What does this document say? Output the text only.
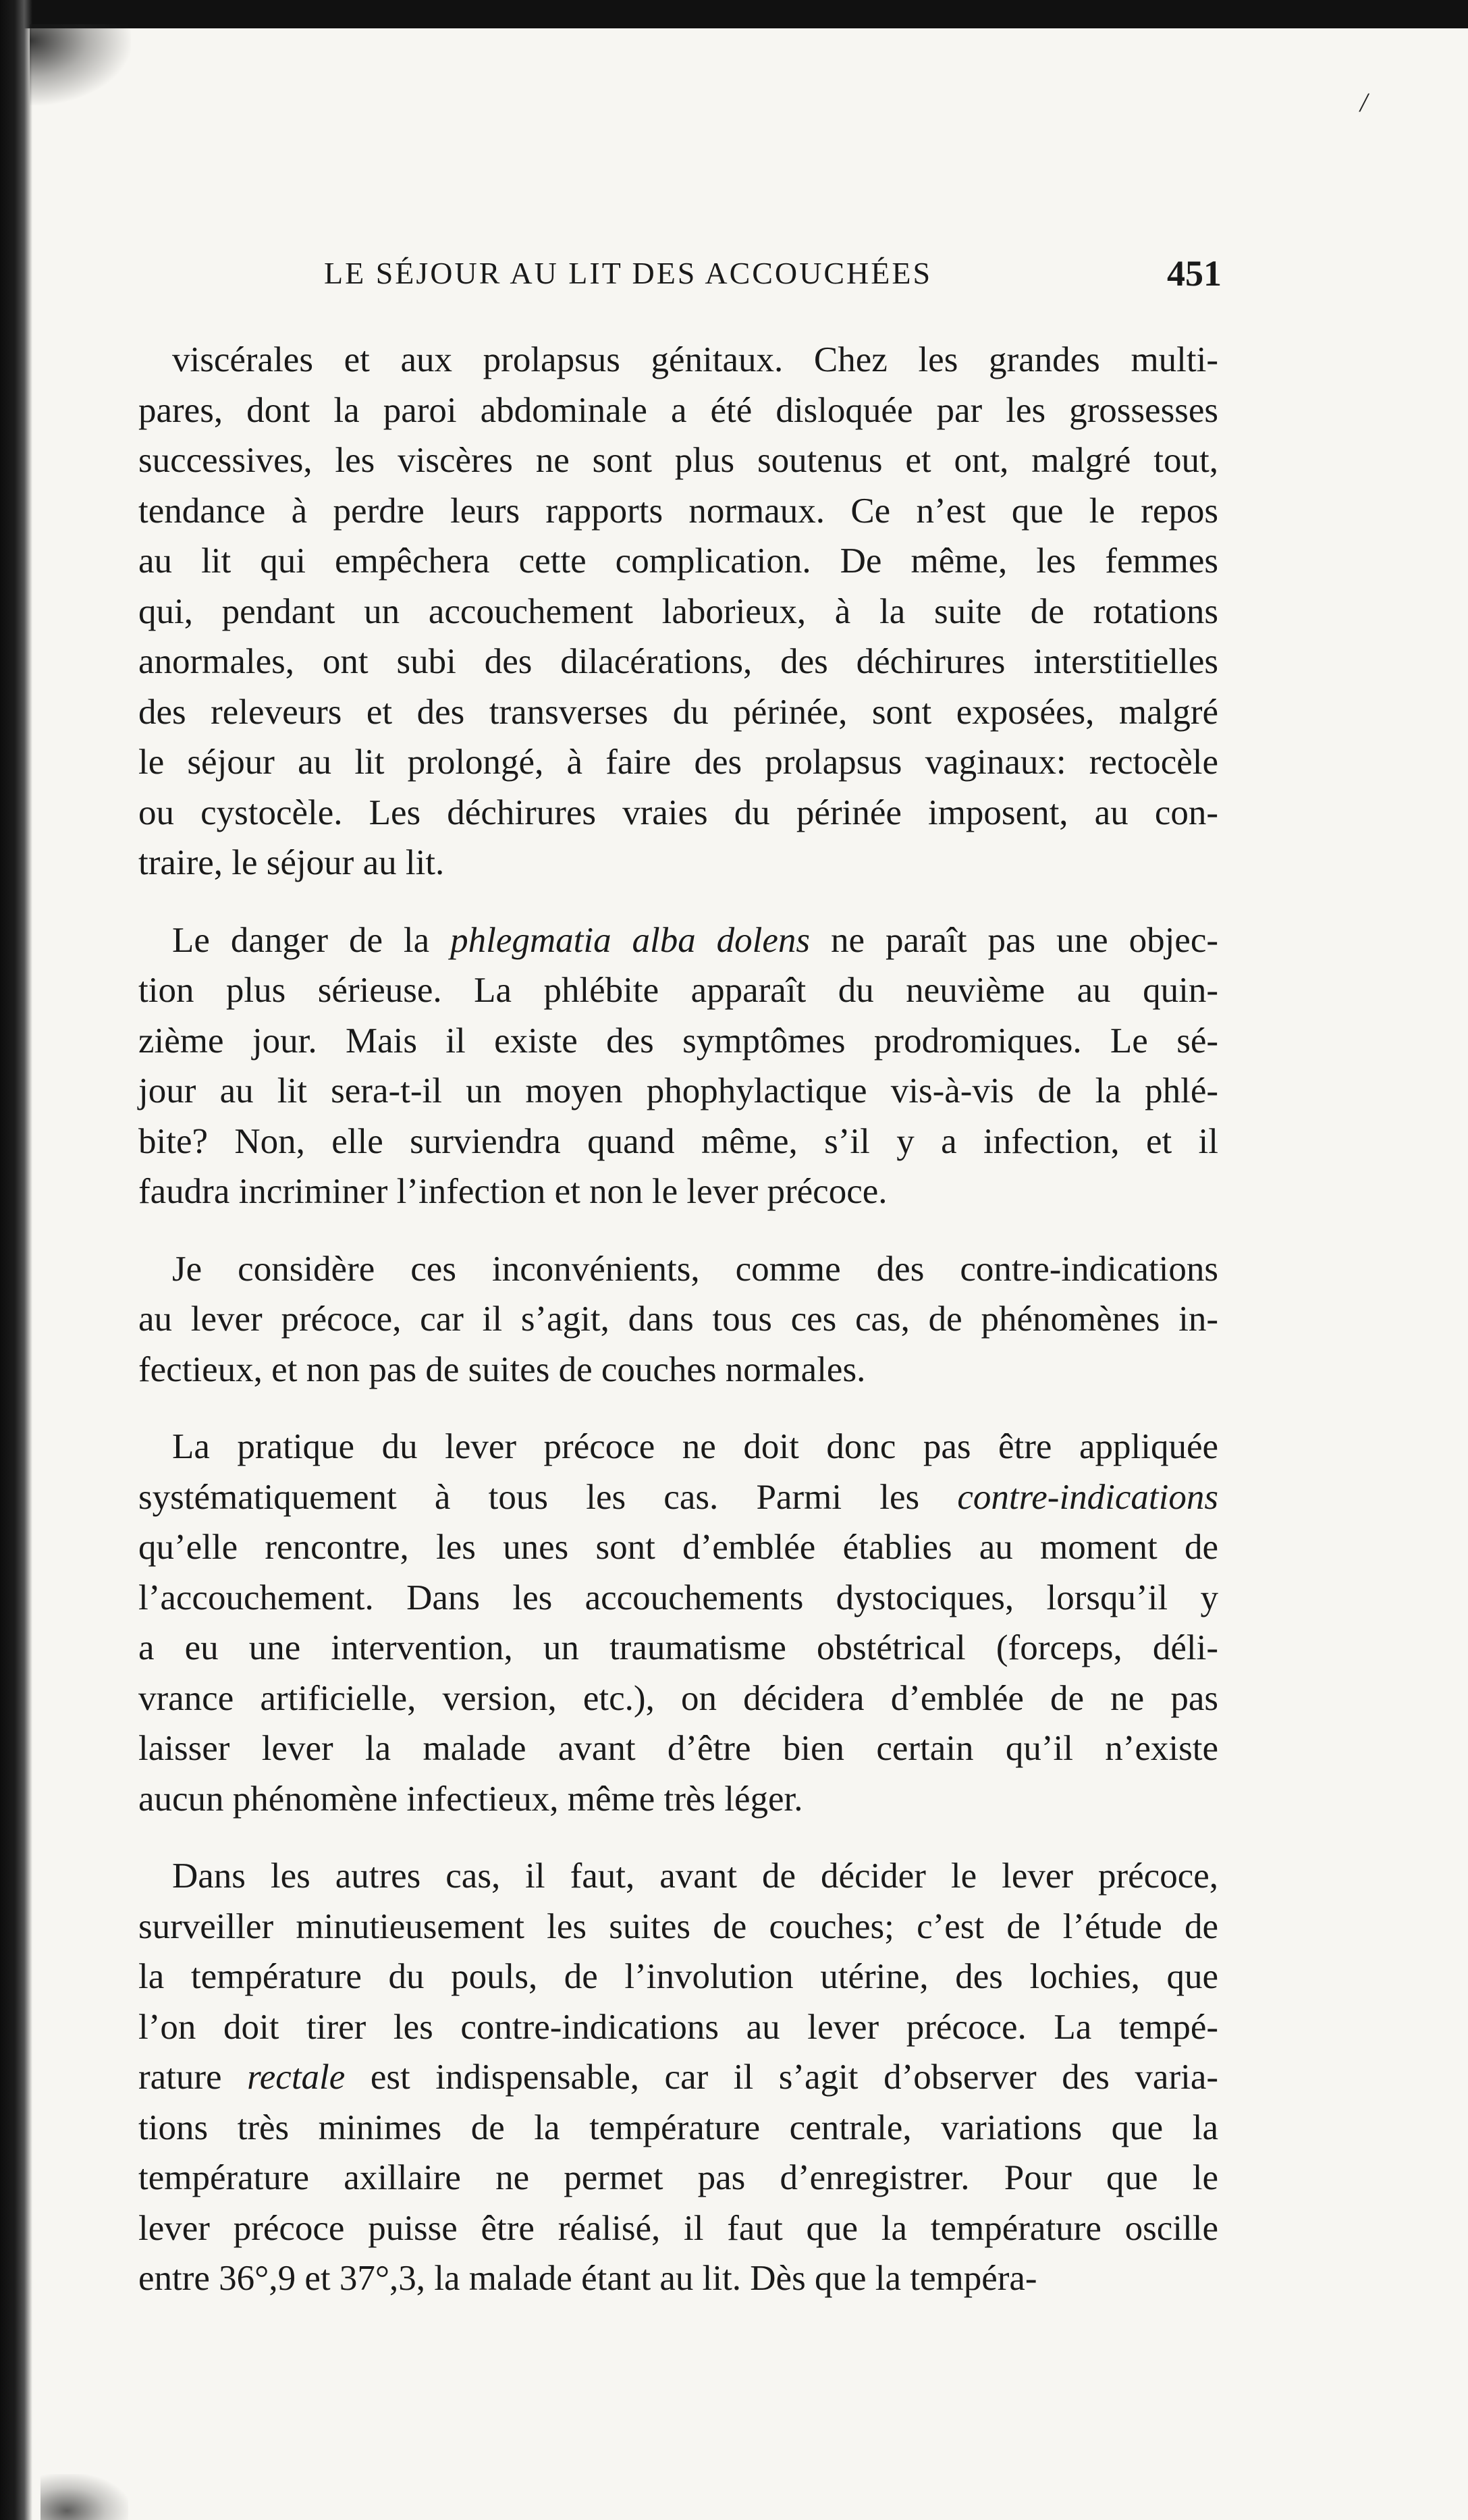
/
LE SÉJOUR AU LIT DES ACCOUCHÉES	451

viscérales et aux prolapsus génitaux. Chez les grandes multi-
pares, dont la paroi abdominale a été disloquée par les grossesses
successives, les viscères ne sont plus soutenus et ont, malgré tout,
tendance à perdre leurs rapports normaux. Ce n’est que le repos
au lit qui empêchera cette complication. De même, les femmes
qui, pendant un accouchement laborieux, à la suite de rotations
anormales, ont subi des dilacérations, des déchirures interstitielles
des releveurs et des transverses du périnée, sont exposées, malgré
le séjour au lit prolongé, à faire des prolapsus vaginaux: rectocèle
ou cystocèle. Les déchirures vraies du périnée imposent, au con-
traire, le séjour au lit.

Le danger de la phlegmatia alba dolens ne paraît pas une objec-
tion plus sérieuse. La phlébite apparaît du neuvième au quin-
zième jour. Mais il existe des symptômes prodromiques. Le sé-
jour au lit sera-t-il un moyen phophylactique vis-à-vis de la phlé-
bite? Non, elle surviendra quand même, s’il y a infection, et il
faudra incriminer l’infection et non le lever précoce.

Je considère ces inconvénients, comme des contre-indications
au lever précoce, car il s’agit, dans tous ces cas, de phénomènes in-
fectieux, et non pas de suites de couches normales.

La pratique du lever précoce ne doit donc pas être appliquée
systématiquement à tous les cas. Parmi les contre-indications
qu’elle rencontre, les unes sont d’emblée établies au moment de
l’accouchement. Dans les accouchements dystociques, lorsqu’il y
a eu une intervention, un traumatisme obstétrical (forceps, déli-
vrance artificielle, version, etc.), on décidera d’emblée de ne pas
laisser lever la malade avant d’être bien certain qu’il n’existe
aucun phénomène infectieux, même très léger.

Dans les autres cas, il faut, avant de décider le lever précoce,
surveiller minutieusement les suites de couches; c’est de l’étude de
la température du pouls, de l’involution utérine, des lochies, que
l’on doit tirer les contre-indications au lever précoce. La tempé-
rature rectale est indispensable, car il s’agit d’observer des varia-
tions très minimes de la température centrale, variations que la
température axillaire ne permet pas d’enregistrer. Pour que le
lever précoce puisse être réalisé, il faut que la température oscille
entre 36°,9 et 37°,3, la malade étant au lit. Dès que la tempéra-
